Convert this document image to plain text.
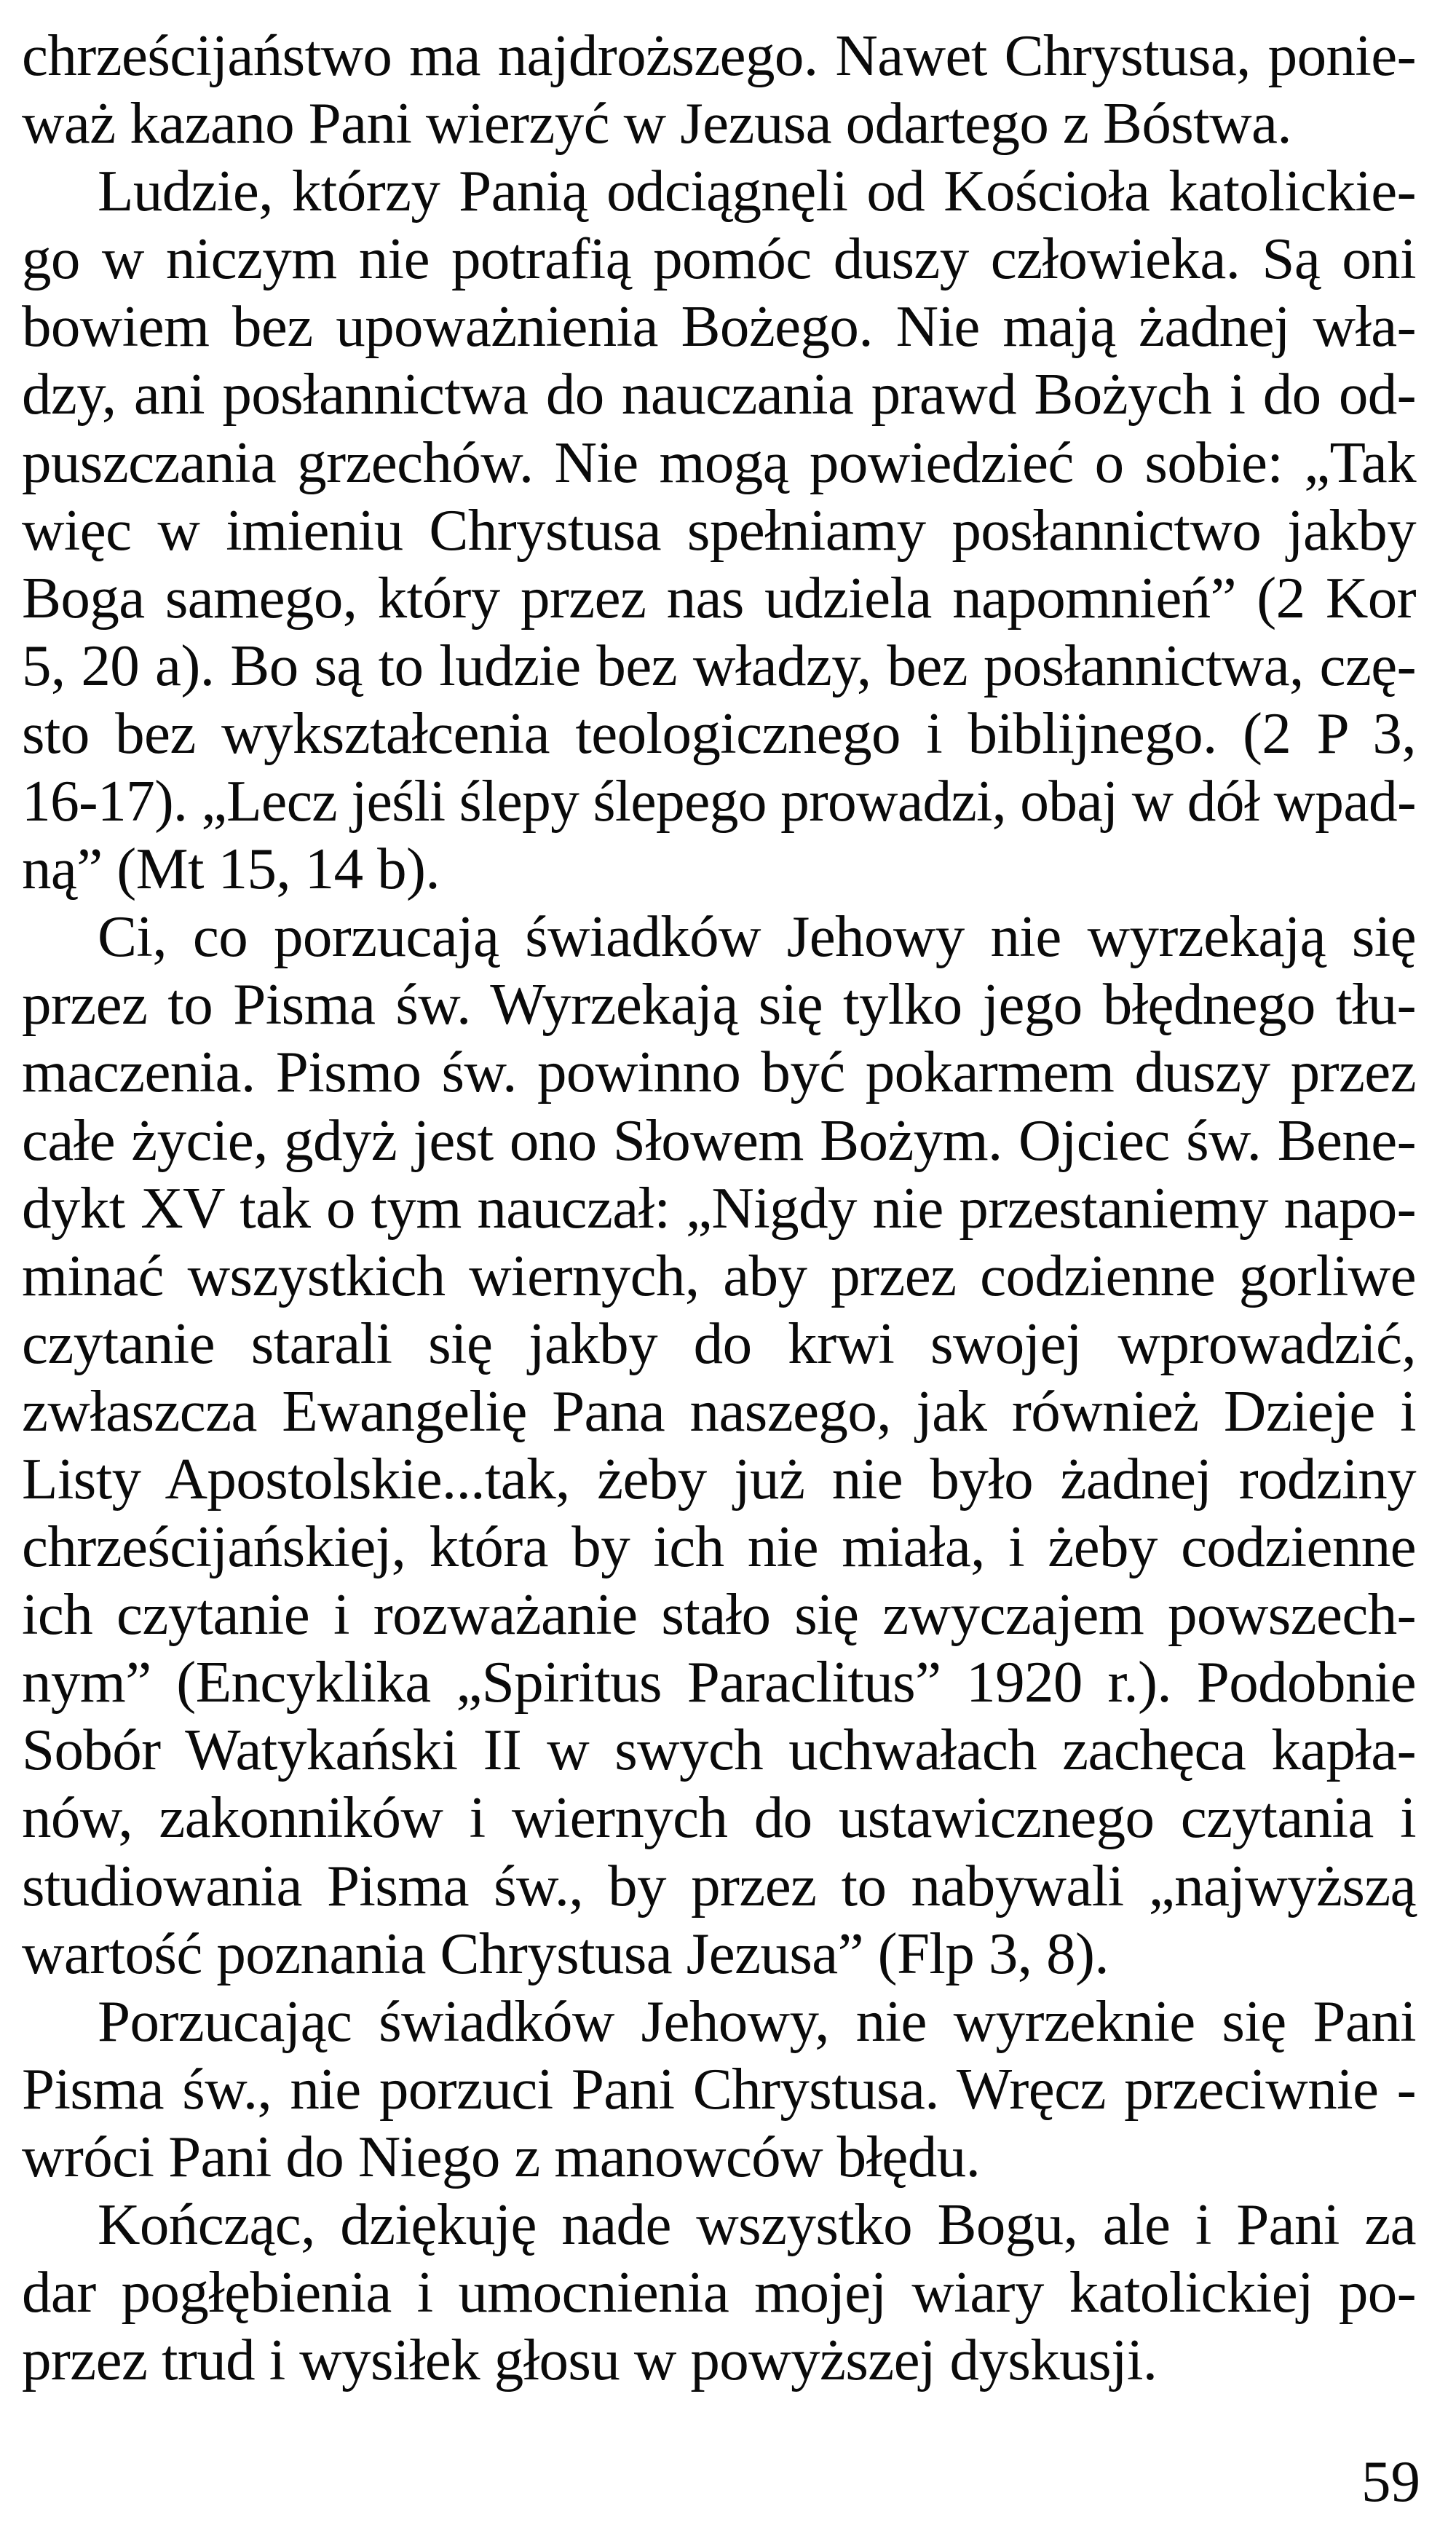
chrześcijaństwo ma najdroższego. Nawet Chrystusa, ponie-
waż kazano Pani wierzyć w Jezusa odartego z Bóstwa.
Ludzie, którzy Panią odciągnęli od Kościoła katolickie-
go w niczym nie potrafią pomóc duszy człowieka. Są oni
bowiem bez upoważnienia Bożego. Nie mają żadnej wła-
dzy, ani posłannictwa do nauczania prawd Bożych i do od-
puszczania grzechów. Nie mogą powiedzieć o sobie: „Tak
więc w imieniu Chrystusa spełniamy posłannictwo jakby
Boga samego, który przez nas udziela napomnień” (2 Kor
5, 20 a). Bo są to ludzie bez władzy, bez posłannictwa, czę-
sto bez wykształcenia teologicznego i biblijnego. (2 P 3,
16-17). „Lecz jeśli ślepy ślepego prowadzi, obaj w dół wpad-
ną” (Mt 15, 14 b).
Ci, co porzucają świadków Jehowy nie wyrzekają się
przez to Pisma św. Wyrzekają się tylko jego błędnego tłu-
maczenia. Pismo św. powinno być pokarmem duszy przez
całe życie, gdyż jest ono Słowem Bożym. Ojciec św. Bene-
dykt XV tak o tym nauczał: „Nigdy nie przestaniemy napo-
minać wszystkich wiernych, aby przez codzienne gorliwe
czytanie starali się jakby do krwi swojej wprowadzić,
zwłaszcza Ewangelię Pana naszego, jak również Dzieje i
Listy Apostolskie...tak, żeby już nie było żadnej rodziny
chrześcijańskiej, która by ich nie miała, i żeby codzienne
ich czytanie i rozważanie stało się zwyczajem powszech-
nym” (Encyklika „Spiritus Paraclitus” 1920 r.). Podobnie
Sobór Watykański II w swych uchwałach zachęca kapła-
nów, zakonników i wiernych do ustawicznego czytania i
studiowania Pisma św., by przez to nabywali „najwyższą
wartość poznania Chrystusa Jezusa” (Flp 3, 8).
Porzucając świadków Jehowy, nie wyrzeknie się Pani
Pisma św., nie porzuci Pani Chrystusa. Wręcz przeciwnie -
wróci Pani do Niego z manowców błędu.
Kończąc, dziękuję nade wszystko Bogu, ale i Pani za
dar pogłębienia i umocnienia mojej wiary katolickiej po-
przez trud i wysiłek głosu w powyższej dyskusji.
59
